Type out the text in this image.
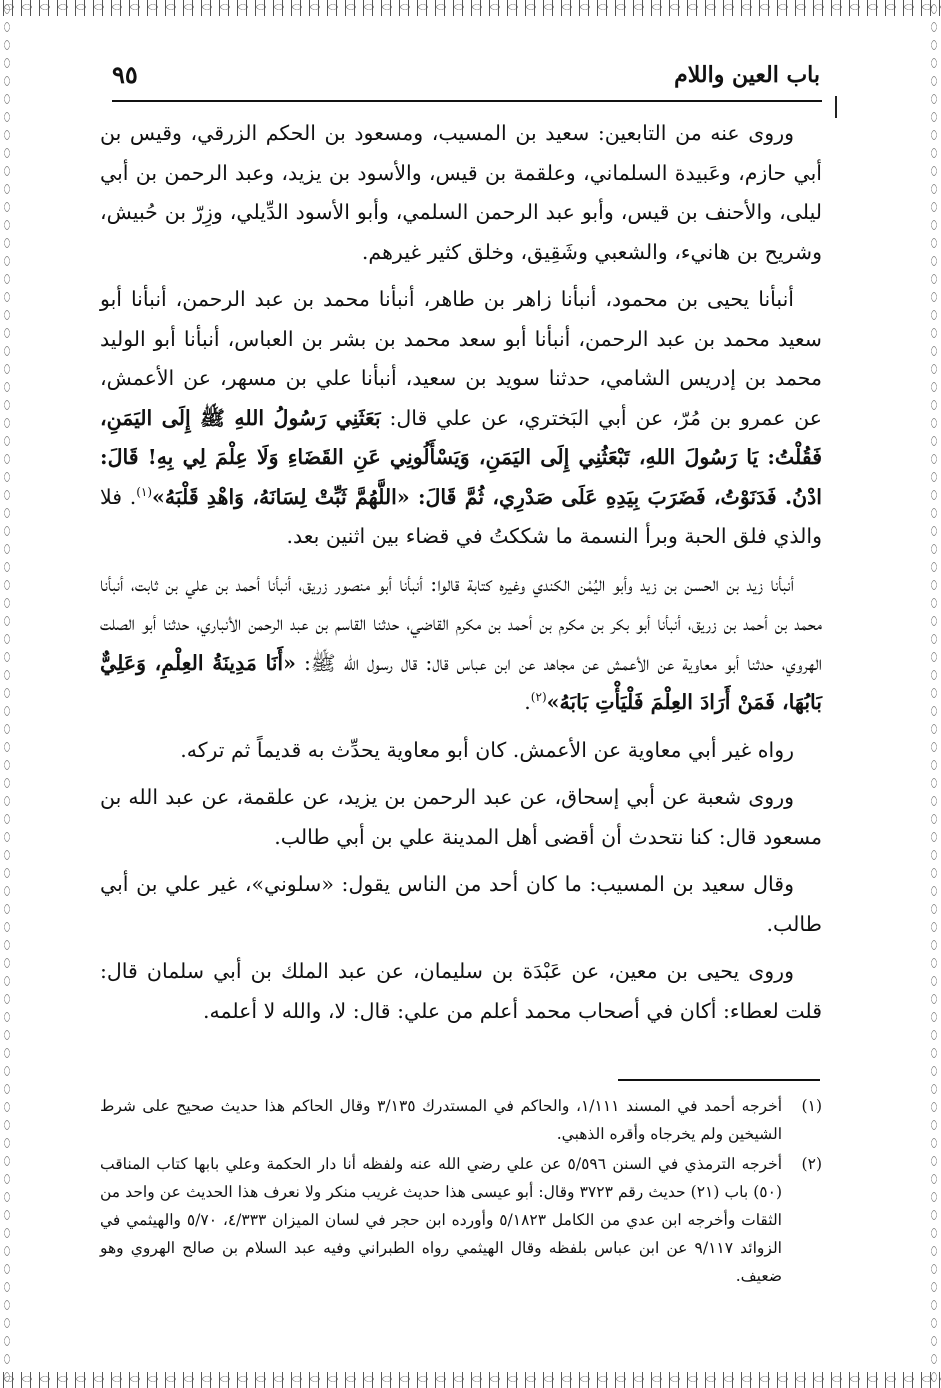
باب العين واللام
٩٥

وروى عنه من التابعين: سعيد بن المسيب، ومسعود بن الحكم الزرقي، وقيس بن أبي حازم، وعَبيدة السلماني، وعلقمة بن قيس، والأسود بن يزيد، وعبد الرحمن بن أبي ليلى، والأحنف بن قيس، وأبو عبد الرحمن السلمي، وأبو الأسود الدِّيلي، وزِرّ بن حُبيش، وشريح بن هانيء، والشعبي وشَقِيق، وخلق كثير غيرهم.

أنبأنا يحيى بن محمود، أنبأنا زاهر بن طاهر، أنبأنا محمد بن عبد الرحمن، أنبأنا أبو سعيد محمد بن عبد الرحمن، أنبأنا أبو سعد محمد بن بشر بن العباس، أنبأنا أبو الوليد محمد بن إدريس الشامي، حدثنا سويد بن سعيد، أنبأنا علي بن مسهر، عن الأعمش، عن عمرو بن مُرّ، عن أبي البَختري، عن علي قال: بَعَثَنِي رَسُولُ اللهِ ﷺ إِلَى اليَمَنِ، فَقُلْتُ: يَا رَسُولَ اللهِ، تَبْعَثُنِي إِلَى اليَمَنِ، وَيَسْأَلُونِي عَنِ القَضَاءِ وَلَا عِلْمَ لِي بِهِ! قَالَ: ادْنُ. فَدَنَوْتُ، فَضَرَبَ بِيَدِهِ عَلَى صَدْرِي، ثُمَّ قَالَ: «اللَّهُمَّ ثَبِّتْ لِسَانَهُ، وَاهْدِ قَلْبَهُ»$^{(١)}$. فلا والذي فلق الحبة وبرأ النسمة ما شككتُ في قضاء بين اثنين بعد.

أنبأنا زيد بن الحسن بن زيد وأبو اليُمْن الكندي وغيره كتابة قالوا: أنبأنا أبو منصور زريق، أنبأنا أحمد بن علي بن ثابت، أنبأنا محمد بن أحمد بن زريق، أنبأنا أبو بكر بن مكرم بن أحمد بن مكرم القاضي، حدثنا القاسم بن عبد الرحمن الأنباري، حدثنا أبو الصلت الهروي، حدثنا أبو معاوية عن الأعمش عن مجاهد عن ابن عباس قال: قال رسول الله ﷺ: «أَنَا مَدِينَةُ العِلْمِ، وَعَلِيٌّ بَابُهَا، فَمَنْ أَرَادَ العِلْمَ فَلْيَأْتِ بَابَهُ»$^{(٢)}$.

رواه غير أبي معاوية عن الأعمش. كان أبو معاوية يحدِّث به قديماً ثم تركه.

وروى شعبة عن أبي إسحاق، عن عبد الرحمن بن يزيد، عن علقمة، عن عبد الله بن مسعود قال: كنا نتحدث أن أقضى أهل المدينة علي بن أبي طالب.

وقال سعيد بن المسيب: ما كان أحد من الناس يقول: «سلوني»، غير علي بن أبي طالب.

وروى يحيى بن معين، عن عَبْدَة بن سليمان، عن عبد الملك بن أبي سلمان قال: قلت لعطاء: أكان في أصحاب محمد أعلم من علي: قال: لا، والله لا أعلمه.

(١)
أخرجه أحمد في المسند ١/١١١، والحاكم في المستدرك ٣/١٣٥ وقال الحاكم هذا حديث صحيح على شرط الشيخين ولم يخرجاه وأقره الذهبي.
(٢)
أخرجه الترمذي في السنن ٥/٥٩٦ عن علي رضي الله عنه ولفظه أنا دار الحكمة وعلي بابها كتاب المناقب (٥٠) باب (٢١) حديث رقم ٣٧٢٣ وقال: أبو عيسى هذا حديث غريب منكر ولا نعرف هذا الحديث عن واحد من الثقات وأخرجه ابن عدي من الكامل ٥/١٨٢٣ وأورده ابن حجر في لسان الميزان ٤/٣٣٣، ٥/٧٠ والهيثمي في الزوائد ٩/١١٧ عن ابن عباس بلفظه وقال الهيثمي رواه الطبراني وفيه عبد السلام بن صالح الهروي وهو ضعيف.
